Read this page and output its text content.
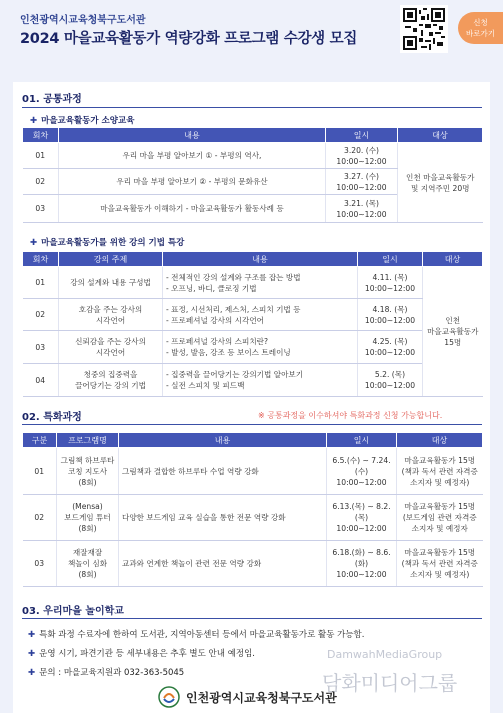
인천광역시교육청북구도서관
2024 마을교육활동가 역량강화 프로그램 수강생 모집
신청
바로가기
01. 공통과정
✚ 마을교육활동가 소양교육
회차	내용	일시	대상
01	우리 마을 부평 알아보기 ① - 부평의 역사,	3.20. (수)
10:00~12:00	인천 마을교육활동가
및 지역주민 20명
02	우리 마을 부평 알아보기 ② - 부평의 문화유산	3.27. (수)
10:00~12:00	
03	마을교육활동가 이해하기 - 마을교육활동가 활동사례 등	3.21. (목)
10:00~12:00	
✚ 마을교육활동가를 위한 강의 기법 특강
회차	강의 주제	내용	일시	대상
01	강의 설계와 내용 구성법	- 전체적인 강의 설계와 구조를 잡는 방법
- 오프닝, 바디, 클로징 기법	4.11. (목)
10:00~12:00	인천
마을교육활동가
15명
02	호감을 주는 강사의
시각언어	- 표정, 시선처리, 제스처, 스피치 기법 등
- 프로페셔널 강사의 시각언어	4.18. (목)
10:00~12:00	
03	신뢰감을 주는 강사의
시각언어	- 프로페셔널 강사의 스피치란?
- 발성, 발음, 강조 등 보이스 트레이닝	4.25. (목)
10:00~12:00	
04	청중의 집중력을
끌어당기는 강의 기법	- 집중력을 끌어당기는 강의기법 알아보기
- 실전 스피치 및 피드백	5.2. (목)
10:00~12:00	
02. 특화과정	※ 공통과정을 이수하셔야 특화과정 신청 가능합니다.
구분	프로그램명	내용	일시	대상
01	그림책 하브루타
코칭 지도사
(8회)	그림책과 결합한 하브루타 수업 역량 강화	6.5.(수) ~ 7.24.(수)
10:00~12:00	마을교육활동가 15명
(책과 독서 관련 자격증
소지자 및 예정자)
02	(Mensa)
보드게임 튜터
(8회)	다양한 보드게임 교육 실습을 통한 전문 역량 강화	6.13.(목) ~ 8.2.(목)
10:00~12:00	마을교육활동가 15명
(보드게임 관련 자격증
소지자 및 예정자
03	재잘재잘
책놀이 심화
(8회)	교과와 연계한 책놀이 관련 전문 역량 강화	6.18.(화) ~ 8.6.(화)
10:00~12:00	마을교육활동가 15명
(책과 독서 관련 자격증
소지자 및 예정자)
03. 우리마을 놀이학교
✚ 특화 과정 수료자에 한하여 도서관, 지역아동센터 등에서 마을교육활동가로 활동 가능함.
✚ 운영 시기, 파견기관 등 세부내용은 추후 별도 안내 예정임.
✚ 문의 : 마을교육지원과 032-363-5045
DamwahMediaGroup
담화미디어그룹
인천광역시교육청북구도서관
